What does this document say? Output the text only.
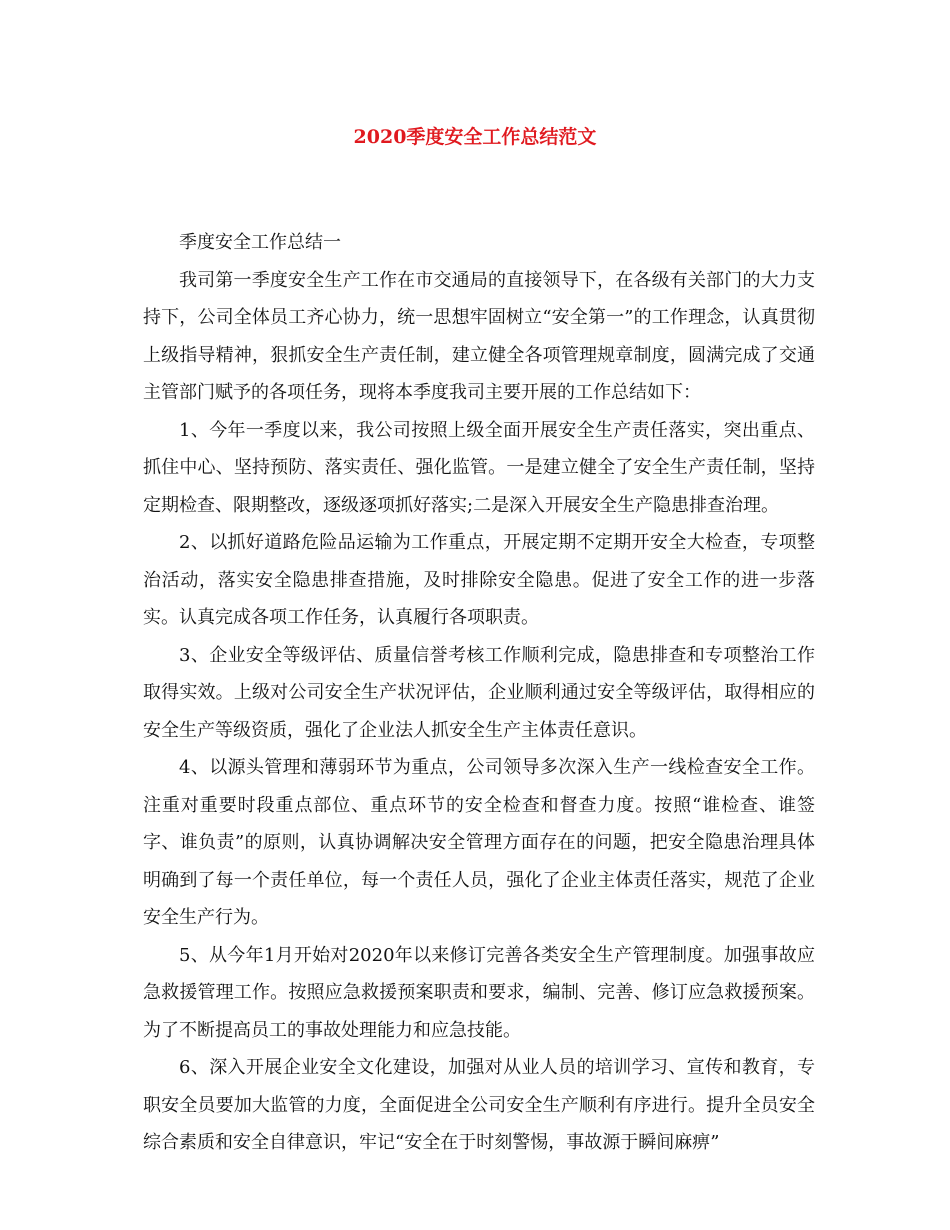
2020季度安全工作总结范文

季度安全工作总结一

我司第一季度安全生产工作在市交通局的直接领导下，在各级有关部门的大力支持下，公司全体员工齐心协力，统一思想牢固树立“安全第一”的工作理念，认真贯彻上级指导精神，狠抓安全生产责任制，建立健全各项管理规章制度，圆满完成了交通主管部门赋予的各项任务，现将本季度我司主要开展的工作总结如下：

1、今年一季度以来，我公司按照上级全面开展安全生产责任落实，突出重点、抓住中心、坚持预防、落实责任、强化监管。一是建立健全了安全生产责任制，坚持定期检查、限期整改，逐级逐项抓好落实;二是深入开展安全生产隐患排查治理。

2、以抓好道路危险品运输为工作重点，开展定期不定期开安全大检查，专项整治活动，落实安全隐患排查措施，及时排除安全隐患。促进了安全工作的进一步落实。认真完成各项工作任务，认真履行各项职责。

3、企业安全等级评估、质量信誉考核工作顺利完成，隐患排查和专项整治工作取得实效。上级对公司安全生产状况评估，企业顺利通过安全等级评估，取得相应的安全生产等级资质，强化了企业法人抓安全生产主体责任意识。

4、以源头管理和薄弱环节为重点，公司领导多次深入生产一线检查安全工作。注重对重要时段重点部位、重点环节的安全检查和督查力度。按照“谁检查、谁签字、谁负责”的原则，认真协调解决安全管理方面存在的问题，把安全隐患治理具体明确到了每一个责任单位，每一个责任人员，强化了企业主体责任落实，规范了企业安全生产行为。

5、从今年1月开始对2020年以来修订完善各类安全生产管理制度。加强事故应急救援管理工作。按照应急救援预案职责和要求，编制、完善、修订应急救援预案。为了不断提高员工的事故处理能力和应急技能。

6、深入开展企业安全文化建设，加强对从业人员的培训学习、宣传和教育，专职安全员要加大监管的力度，全面促进全公司安全生产顺利有序进行。提升全员安全综合素质和安全自律意识，牢记“安全在于时刻警惕，事故源于瞬间麻痹”
